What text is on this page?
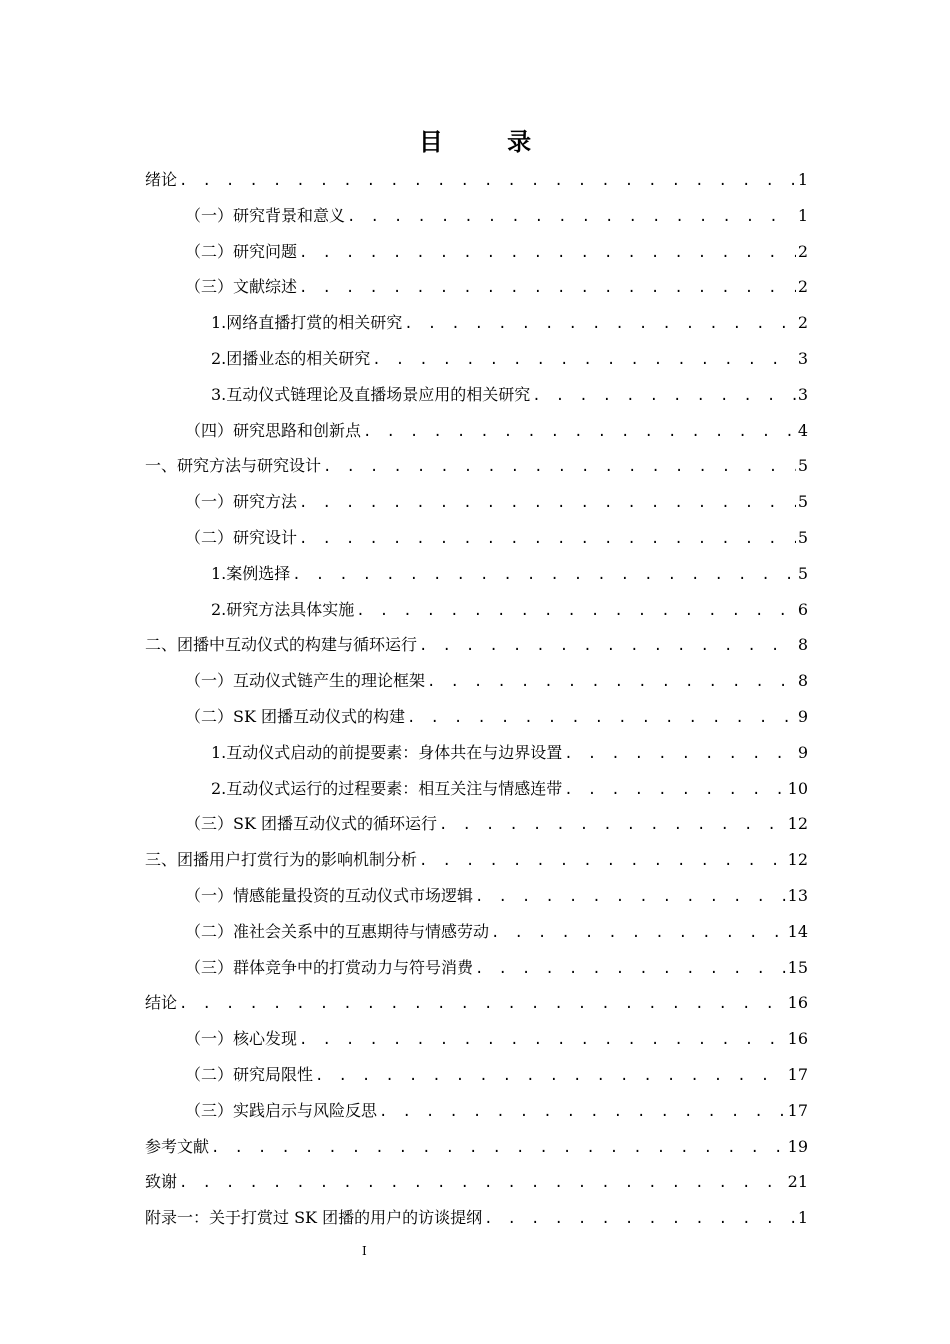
目 录
绪论 . . .	1
（一）研究背景和意义 . . .	1
（二）研究问题 . . .	2
（三）文献综述 . . .	2
1.网络直播打赏的相关研究 . . .	2
2.团播业态的相关研究 . . .	3
3.互动仪式链理论及直播场景应用的相关研究 . . .	3
（四）研究思路和创新点 . . .	4
一、研究方法与研究设计 . . .	5
（一）研究方法 . . .	5
（二）研究设计 . . .	5
1.案例选择 . . .	5
2.研究方法具体实施 . . .	6
二、团播中互动仪式的构建与循环运行 . . .	8
（一）互动仪式链产生的理论框架 . . .	8
（二）SK 团播互动仪式的构建 . . .	9
1.互动仪式启动的前提要素：身体共在与边界设置 . . .	9
2.互动仪式运行的过程要素：相互关注与情感连带 . . .	10
（三）SK 团播互动仪式的循环运行 . . .	12
三、团播用户打赏行为的影响机制分析 . . .	12
（一）情感能量投资的互动仪式市场逻辑 . . .	13
（二）准社会关系中的互惠期待与情感劳动 . . .	14
（三）群体竞争中的打赏动力与符号消费 . . .	15
结论 . . .	16
（一）核心发现 . . .	16
（二）研究局限性 . . .	17
（三）实践启示与风险反思 . . .	17
参考文献 . . .	19
致谢 . . .	21
附录一：关于打赏过 SK 团播的用户的访谈提纲 . . .	1
I
